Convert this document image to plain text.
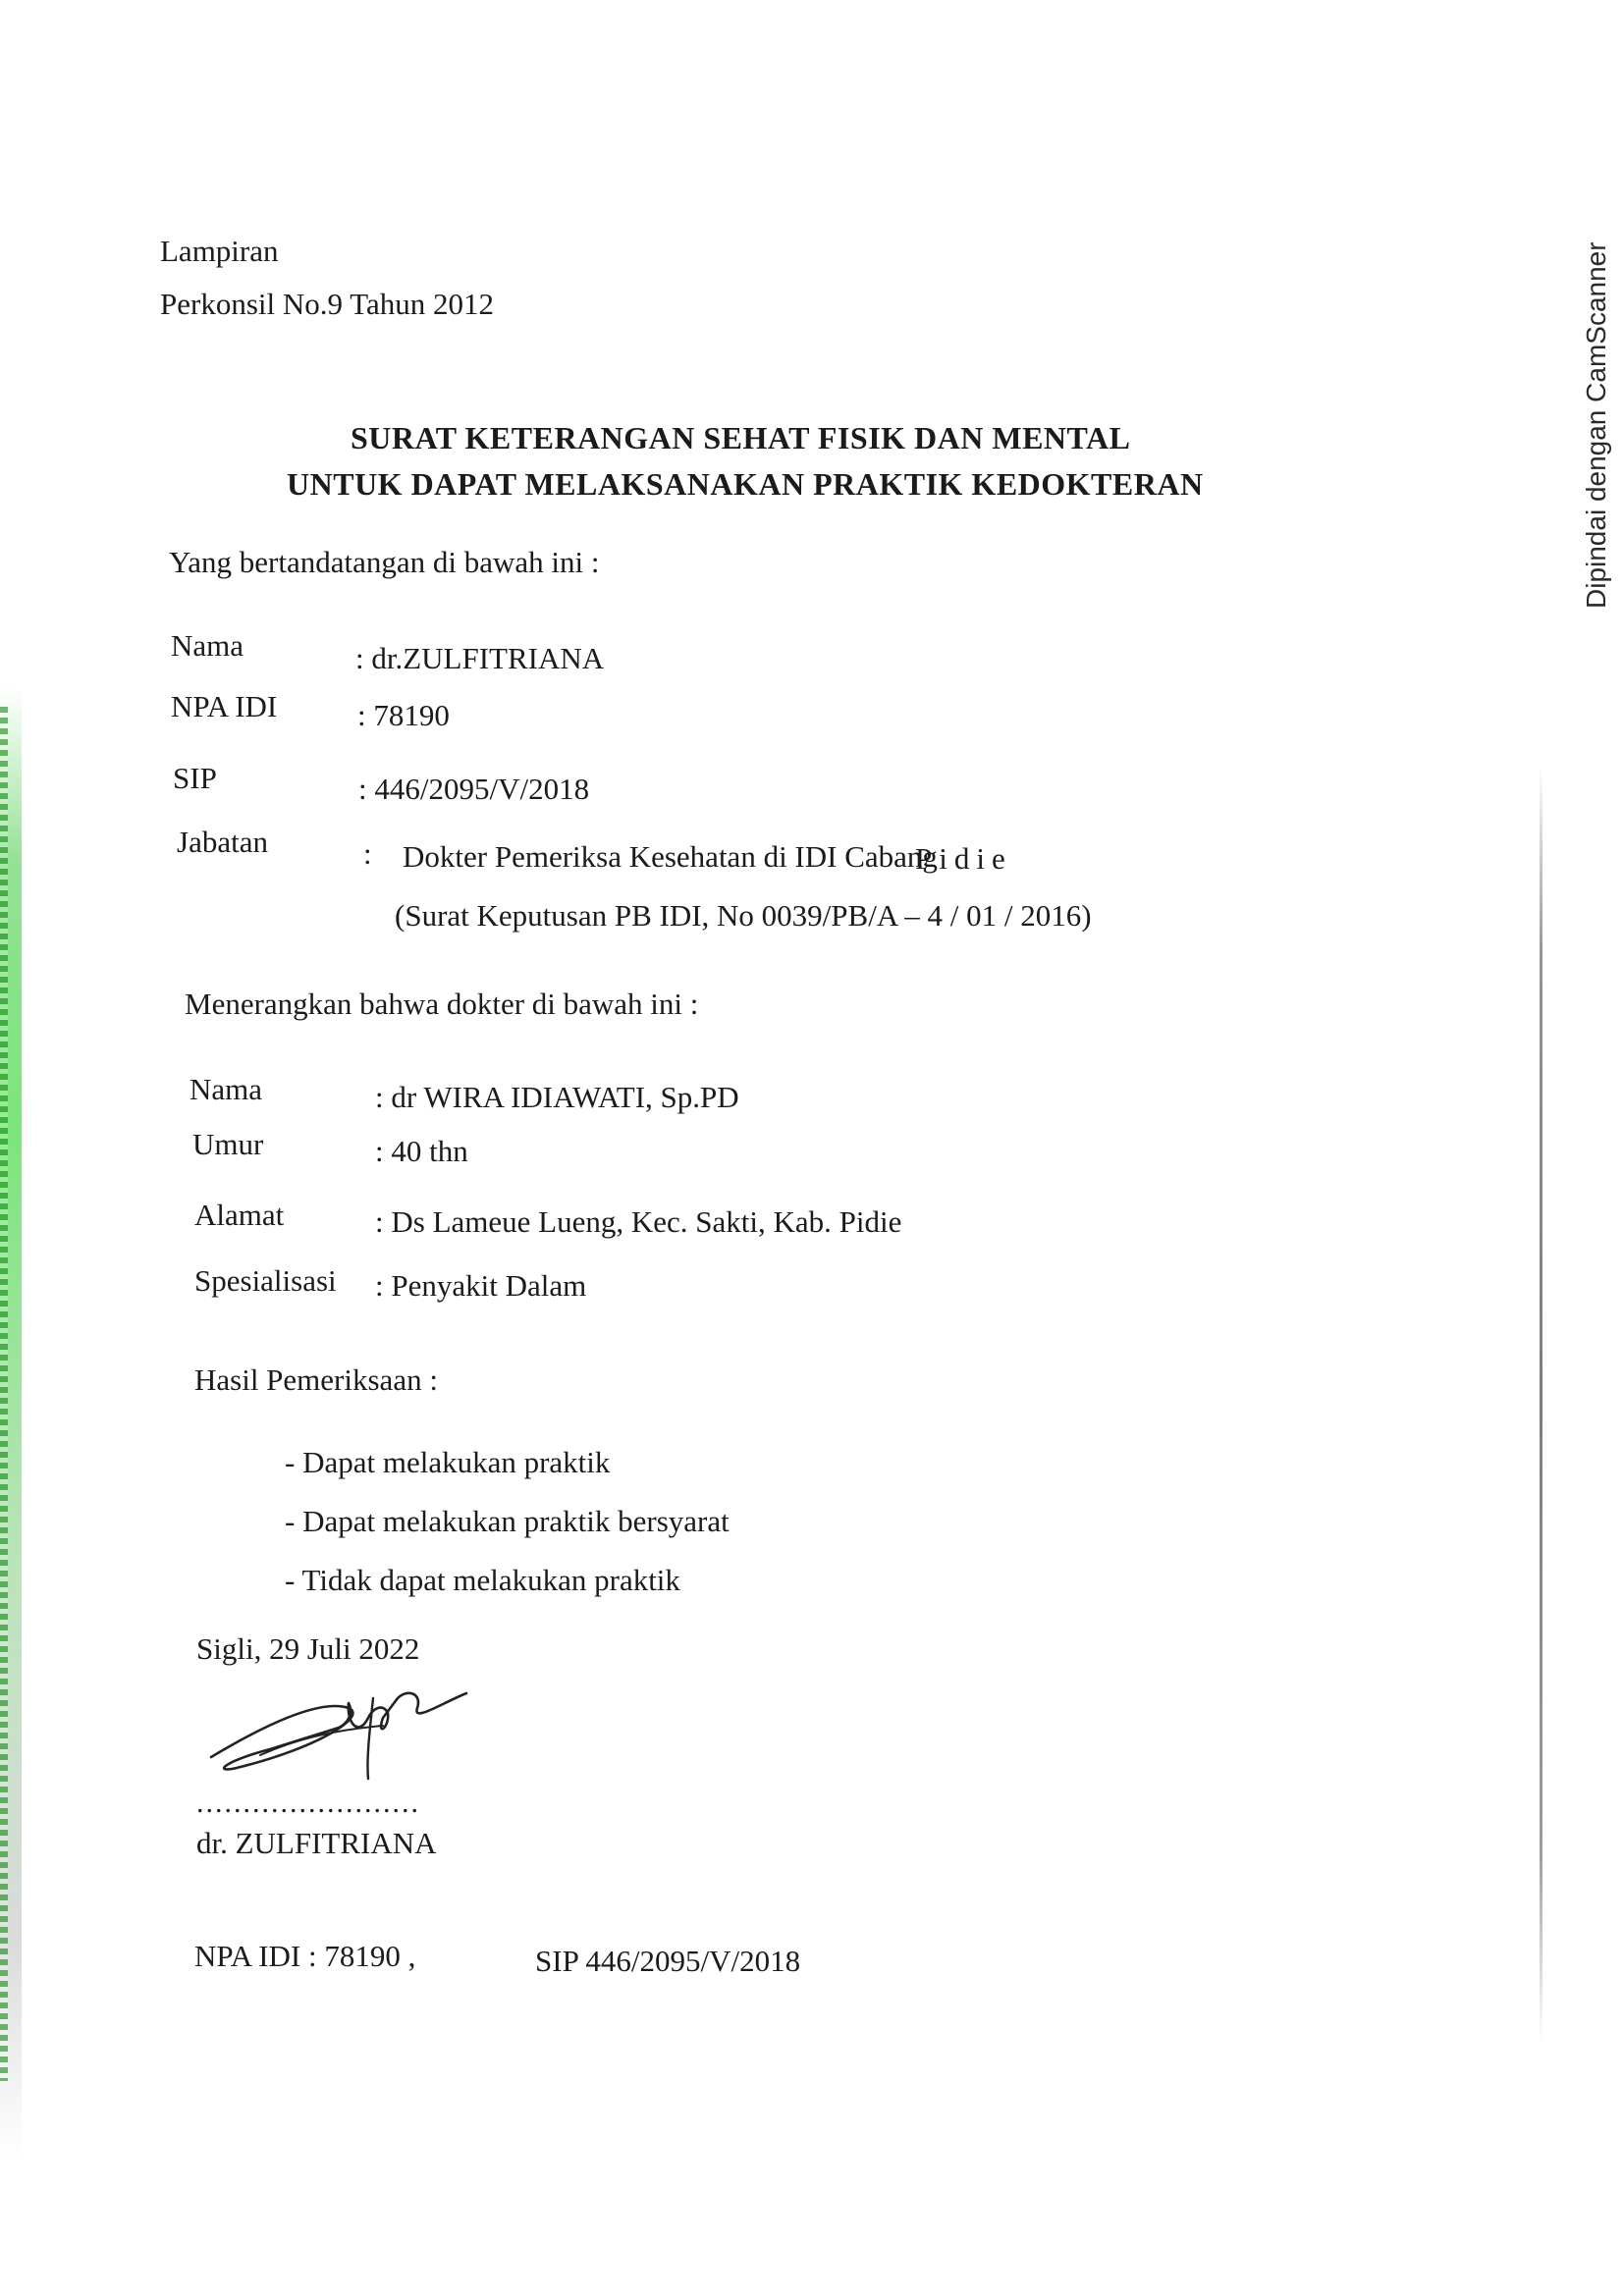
Dipindai dengan CamScanner
Lampiran
Perkonsil No.9 Tahun 2012
SURAT KETERANGAN SEHAT FISIK DAN MENTAL
UNTUK DAPAT MELAKSANAKAN PRAKTIK KEDOKTERAN
Yang bertandatangan di bawah ini :
Nama	: dr.ZULFITRIANA
NPA IDI	: 78190
SIP	: 446/2095/V/2018
Jabatan	: Dokter Pemeriksa Kesehatan di IDI Cabang
Pidie
(Surat Keputusan PB IDI, No 0039/PB/A – 4 / 01 / 2016)
Menerangkan bahwa dokter di bawah ini :
Nama	: dr WIRA IDIAWATI, Sp.PD
Umur	: 40 thn
Alamat	: Ds Lameue Lueng, Kec. Sakti, Kab. Pidie
Spesialisasi : Penyakit Dalam
Hasil Pemeriksaan :
- Dapat melakukan praktik
- Dapat melakukan praktik bersyarat
- Tidak dapat melakukan praktik
Sigli, 29 Juli 2022
........................
dr. ZULFITRIANA
NPA IDI : 78190 ,	SIP 446/2095/V/2018
